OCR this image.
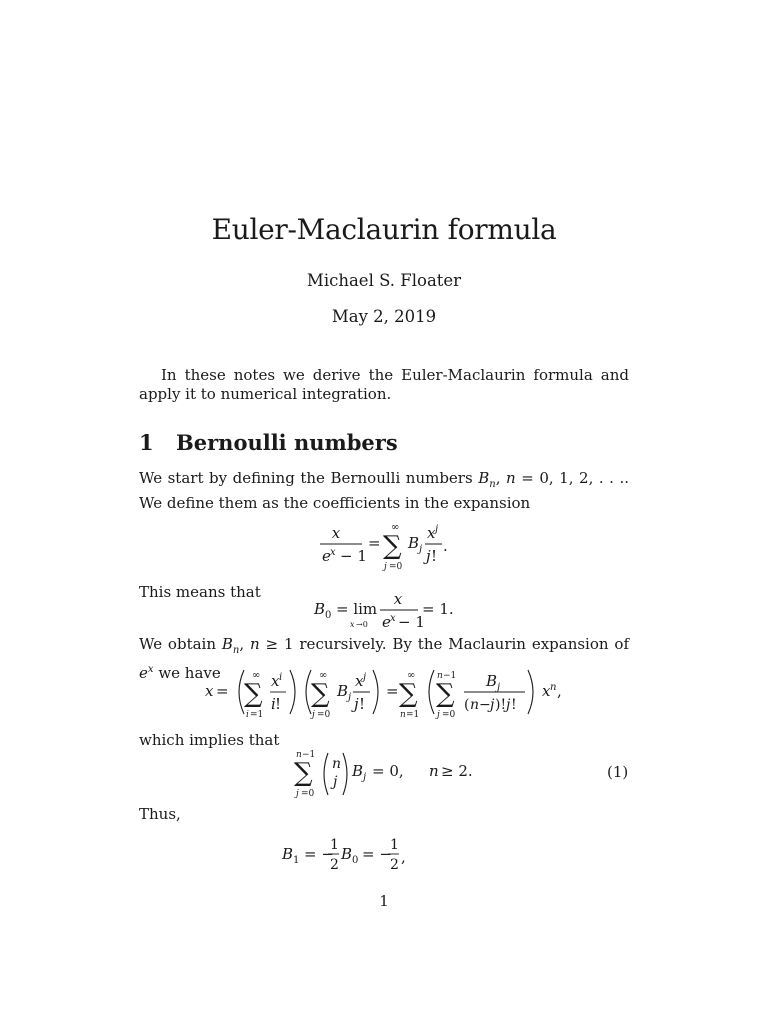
Euler-Maclaurin formula
Michael S. Floater
May 2, 2019
In these notes we derive the Euler-Maclaurin formula and apply it to numerical integration.
1 Bernoulli numbers
We start by defining the Bernoulli numbers $B_n$, n = 0, 1, 2, . . .. We define them as the coefficients in the expansion
x
e x − 1
=
∞
∑
j =0
B j
x j
j !
.
This means that
B 0 = lim
x →0
x
e x − 1
= 1.
We obtain $B_n$, n ≥ 1 recursively. By the Maclaurin expansion of $e^x$ we have
x =
∞
∑
i =1
x i
i !
∞
∑
j =0
B j
x j
j !
=
∞
∑
n =1
n −1
∑
j =0
B j
( n − j )! j !
x n ,
which implies that
n −1
∑
j =0
n
j
B j = 0, n ≥ 2.	(1)
Thus,
B 1 = −
1
2
B 0 = −
1
2 ,
1
